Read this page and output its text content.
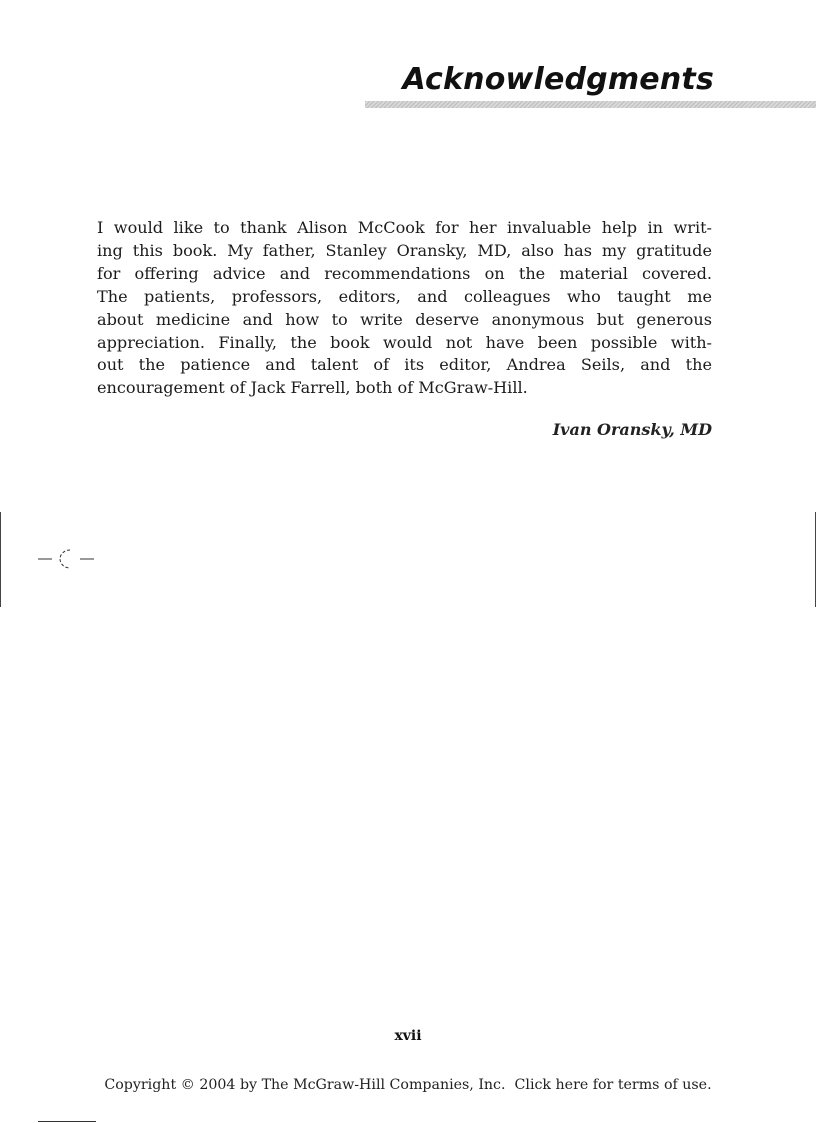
Acknowledgments
I would like to thank Alison McCook for her invaluable help in writ-
ing this book. My father, Stanley Oransky, MD, also has my gratitude
for offering advice and recommendations on the material covered.
The patients, professors, editors, and colleagues who taught me
about medicine and how to write deserve anonymous but generous
appreciation. Finally, the book would not have been possible with-
out the patience and talent of its editor, Andrea Seils, and the
encouragement of Jack Farrell, both of McGraw-Hill.
Ivan Oransky, MD
xvii
Copyright © 2004 by The McGraw-Hill Companies, Inc. Click here for terms of use.
